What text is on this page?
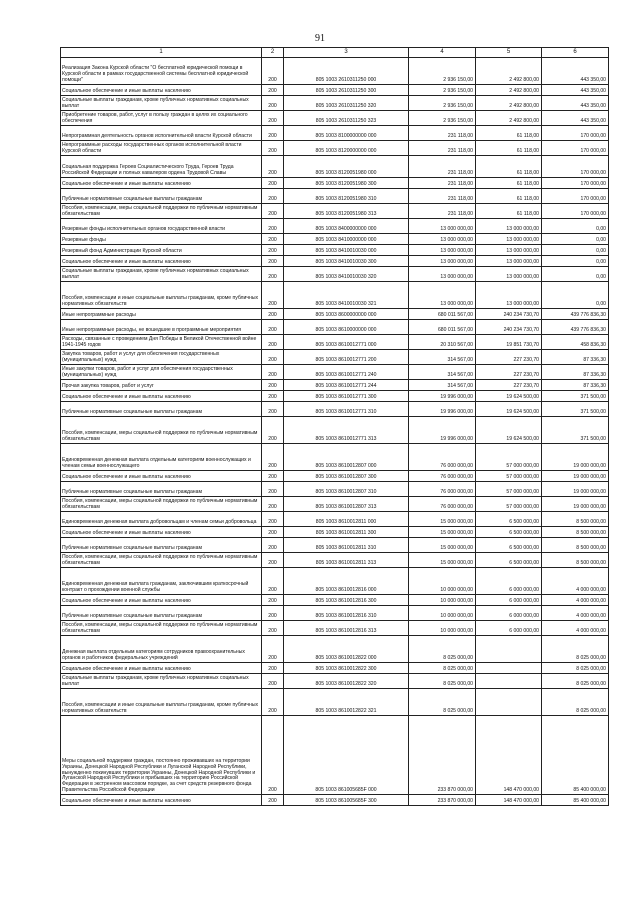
91
1	2	3	4	5	6
Реализация Закона Курской области "О бесплатной юридической помощи в Курской области в рамках государственной системы бесплатной юридической помощи"	200	805 1003 2610311250 000	2 936 150,00	2 492 800,00	443 350,00
Социальное обеспечение и иные выплаты населению	200	805 1003 2610311250 300	2 936 150,00	2 492 800,00	443 350,00
Социальные выплаты гражданам, кроме публичных нормативных социальных выплат	200	805 1003 2610311250 320	2 936 150,00	2 492 800,00	443 350,00
Приобретение товаров, работ, услуг в пользу граждан в целях их социального обеспечения	200	805 1003 2610311250 323	2 936 150,00	2 492 800,00	443 350,00
Непрограммная деятельность органов исполнительной власти Курской области	200	805 1003 8100000000 000	231 118,00	61 118,00	170 000,00
Непрограммные расходы государственных органов исполнительной власти Курской области	200	805 1003 8120000000 000	231 118,00	61 118,00	170 000,00
Социальная поддержка Героев Социалистического Труда, Героев Труда Российской Федерации и полных кавалеров ордена Трудовой Славы	200	805 1003 8120051980 000	231 118,00	61 118,00	170 000,00
Социальное обеспечение и иные выплаты населению	200	805 1003 8120051980 300	231 118,00	61 118,00	170 000,00
Публичные нормативные социальные выплаты гражданам	200	805 1003 8120051980 310	231 118,00	61 118,00	170 000,00
Пособия, компенсации, меры социальной поддержки по публичным нормативным обязательствам	200	805 1003 8120051980 313	231 118,00	61 118,00	170 000,00
Резервные фонды исполнительных органов государственной власти	200	805 1003 8400000000 000	13 000 000,00	13 000 000,00	0,00
Резервные фонды	200	805 1003 8410000000 000	13 000 000,00	13 000 000,00	0,00
Резервный фонд Администрации Курской области	200	805 1003 8410010030 000	13 000 000,00	13 000 000,00	0,00
Социальное обеспечение и иные выплаты населению	200	805 1003 8410010030 300	13 000 000,00	13 000 000,00	0,00
Социальные выплаты гражданам, кроме публичных нормативных социальных выплат	200	805 1003 8410010030 320	13 000 000,00	13 000 000,00	0,00
Пособия, компенсации и иные социальные выплаты гражданам, кроме публичных нормативных обязательств	200	805 1003 8410010030 321	13 000 000,00	13 000 000,00	0,00
Иные непрограммные расходы	200	805 1003 8600000000 000	680 011 567,00	240 234 730,70	439 776 836,30
Иные непрограммные расходы, не вошедшие в программные мероприятия	200	805 1003 8610000000 000	680 011 567,00	240 234 730,70	439 776 836,30
Расходы, связанные с проведением Дня Победы в Великой Отечественной войне 1941-1945 годов	200	805 1003 8610012771 000	20 310 567,00	19 851 730,70	458 836,30
Закупка товаров, работ и услуг для обеспечения государственных (муниципальных) нужд	200	805 1003 8610012771 200	314 567,00	227 230,70	87 336,30
Иные закупки товаров, работ и услуг для обеспечения государственных (муниципальных) нужд	200	805 1003 8610012771 240	314 567,00	227 230,70	87 336,30
Прочая закупка товаров, работ и услуг	200	805 1003 8610012771 244	314 567,00	227 230,70	87 336,30
Социальное обеспечение и иные выплаты населению	200	805 1003 8610012771 300	19 996 000,00	19 624 500,00	371 500,00
Публичные нормативные социальные выплаты гражданам	200	805 1003 8610012771 310	19 996 000,00	19 624 500,00	371 500,00
Пособия, компенсации, меры социальной поддержки по публичным нормативным обязательствам	200	805 1003 8610012771 313	19 996 000,00	19 624 500,00	371 500,00
Единовременная денежная выплата отдельным категориям военнослужащих и членам семьи военнослужащего	200	805 1003 8610012807 000	76 000 000,00	57 000 000,00	19 000 000,00
Социальное обеспечение и иные выплаты населению	200	805 1003 8610012807 300	76 000 000,00	57 000 000,00	19 000 000,00
Публичные нормативные социальные выплаты гражданам	200	805 1003 8610012807 310	76 000 000,00	57 000 000,00	19 000 000,00
Пособия, компенсации, меры социальной поддержки по публичным нормативным обязательствам	200	805 1003 8610012807 313	76 000 000,00	57 000 000,00	19 000 000,00
Единовременная денежная выплата добровольцам и членам семьи добровольца	200	805 1003 8610012811 000	15 000 000,00	6 500 000,00	8 500 000,00
Социальное обеспечение и иные выплаты населению	200	805 1003 8610012811 300	15 000 000,00	6 500 000,00	8 500 000,00
Публичные нормативные социальные выплаты гражданам	200	805 1003 8610012811 310	15 000 000,00	6 500 000,00	8 500 000,00
Пособия, компенсации, меры социальной поддержки по публичным нормативным обязательствам	200	805 1003 8610012811 313	15 000 000,00	6 500 000,00	8 500 000,00
Единовременная денежная выплата гражданам, заключившим краткосрочный контракт о прохождении военной службы	200	805 1003 8610012816 000	10 000 000,00	6 000 000,00	4 000 000,00
Социальное обеспечение и иные выплаты населению	200	805 1003 8610012816 300	10 000 000,00	6 000 000,00	4 000 000,00
Публичные нормативные социальные выплаты гражданам	200	805 1003 8610012816 310	10 000 000,00	6 000 000,00	4 000 000,00
Пособия, компенсации, меры социальной поддержки по публичным нормативным обязательствам	200	805 1003 8610012816 313	10 000 000,00	6 000 000,00	4 000 000,00
Денежная выплата отдельным категориям сотрудников правоохранительных органов и работников федеральных учреждений	200	805 1003 8610012822 000	8 025 000,00		8 025 000,00
Социальное обеспечение и иные выплаты населению	200	805 1003 8610012822 300	8 025 000,00		8 025 000,00
Социальные выплаты гражданам, кроме публичных нормативных социальных выплат	200	805 1003 8610012822 320	8 025 000,00		8 025 000,00
Пособия, компенсации и иные социальные выплаты гражданам, кроме публичных нормативных обязательств	200	805 1003 8610012822 321	8 025 000,00		8 025 000,00
Меры социальной поддержки граждан, постоянно проживавших на территории Украины, Донецкой Народной Республики и Луганской Народной Республики, вынужденно покинувших территории Украины, Донецкой Народной Республики и Луганской Народной Республики и прибывших на территорию Российской Федерации в экстренном массовом порядке, за счет средств резервного фонда Правительства Российской Федерации	200	805 1003 861005685F 000	233 870 000,00	148 470 000,00	85 400 000,00
Социальное обеспечение и иные выплаты населению	200	805 1003 861005685F 300	233 870 000,00	148 470 000,00	85 400 000,00
